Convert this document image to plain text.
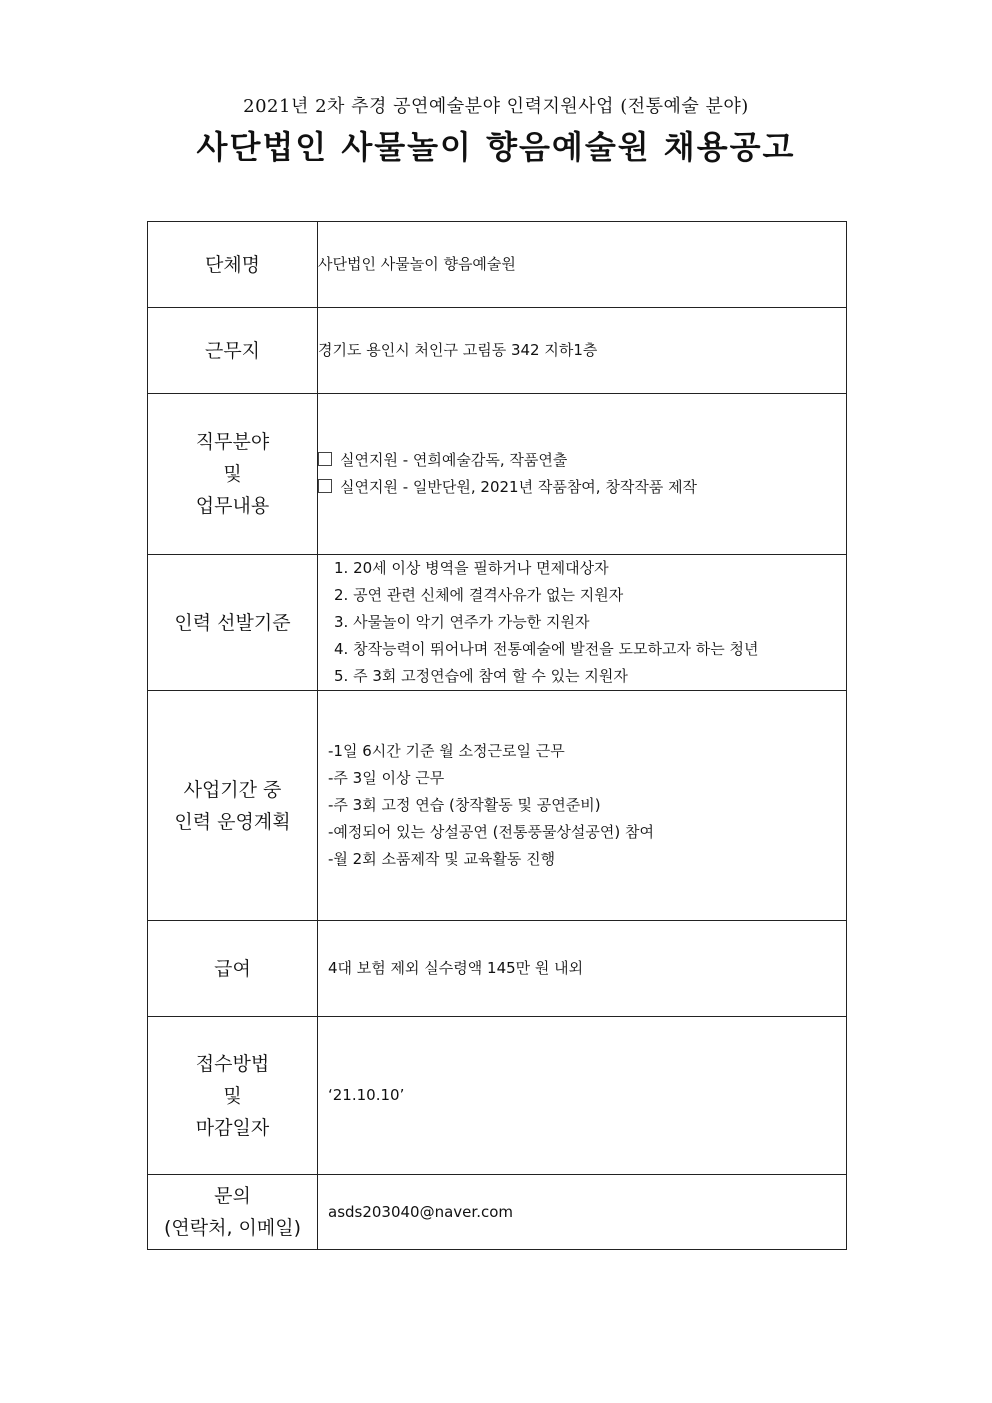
2021년 2차 추경 공연예술분야 인력지원사업 (전통예술 분야)
사단법인 사물놀이 향음예술원 채용공고
단체명	사단법인 사물놀이 향음예술원
근무지	경기도 용인시 처인구 고림동 342 지하1층

직무분야
및
업무내용	실연지원 - 연희예술감독, 작품연출
실연지원 - 일반단원, 2021년 작품참여, 창작작품 제작

인력 선발기준	1. 20세 이상 병역을 필하거나 면제대상자
2. 공연 관련 신체에 결격사유가 없는 지원자
3. 사물놀이 악기 연주가 가능한 지원자
4. 창작능력이 뛰어나며 전통예술에 발전을 도모하고자 하는 청년
5. 주 3회 고정연습에 참여 할 수 있는 지원자

사업기간 중
인력 운영계획	-1일 6시간 기준 월 소정근로일 근무
-주 3일 이상 근무
-주 3회 고정 연습 (창작활동 및 공연준비)
-예정되어 있는 상설공연 (전통풍물상설공연) 참여
-월 2회 소품제작 및 교육활동 진행

급여	4대 보험 제외 실수령액 145만 원 내외

접수방법
및
마감일자	‘21.10.10’

문의
(연락처, 이메일)	asds203040@naver.com
